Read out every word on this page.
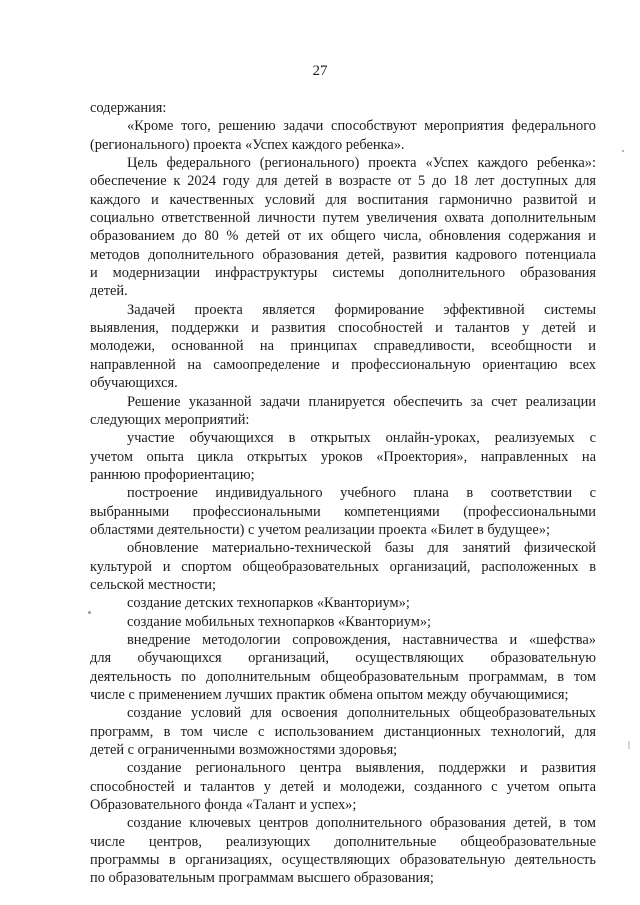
27
содержания:
«Кроме того, решению задачи способствуют мероприятия федерального
(регионального) проекта «Успех каждого ребенка».
Цель федерального (регионального) проекта «Успех каждого ребенка»:
обеспечение к 2024 году для детей в возрасте от 5 до 18 лет доступных для
каждого и качественных условий для воспитания гармонично развитой и
социально ответственной личности путем увеличения охвата дополнительным
образованием до 80 % детей от их общего числа, обновления содержания и
методов дополнительного образования детей, развития кадрового потенциала
и модернизации инфраструктуры системы дополнительного образования
детей.
Задачей проекта является формирование эффективной системы
выявления, поддержки и развития способностей и талантов у детей и
молодежи, основанной на принципах справедливости, всеобщности и
направленной на самоопределение и профессиональную ориентацию всех
обучающихся.
Решение указанной задачи планируется обеспечить за счет реализации
следующих мероприятий:
участие обучающихся в открытых онлайн-уроках, реализуемых с
учетом опыта цикла открытых уроков «Проектория», направленных на
раннюю профориентацию;
построение индивидуального учебного плана в соответствии с
выбранными профессиональными компетенциями (профессиональными
областями деятельности) с учетом реализации проекта «Билет в будущее»;
обновление материально-технической базы для занятий физической
культурой и спортом общеобразовательных организаций, расположенных в
сельской местности;
создание детских технопарков «Кванториум»;
создание мобильных технопарков «Кванториум»;
внедрение методологии сопровождения, наставничества и «шефства»
для обучающихся организаций, осуществляющих образовательную
деятельность по дополнительным общеобразовательным программам, в том
числе с применением лучших практик обмена опытом между обучающимися;
создание условий для освоения дополнительных общеобразовательных
программ, в том числе с использованием дистанционных технологий, для
детей с ограниченными возможностями здоровья;
создание регионального центра выявления, поддержки и развития
способностей и талантов у детей и молодежи, созданного с учетом опыта
Образовательного фонда «Талант и успех»;
создание ключевых центров дополнительного образования детей, в том
числе центров, реализующих дополнительные общеобразовательные
программы в организациях, осуществляющих образовательную деятельность
по образовательным программам высшего образования;
